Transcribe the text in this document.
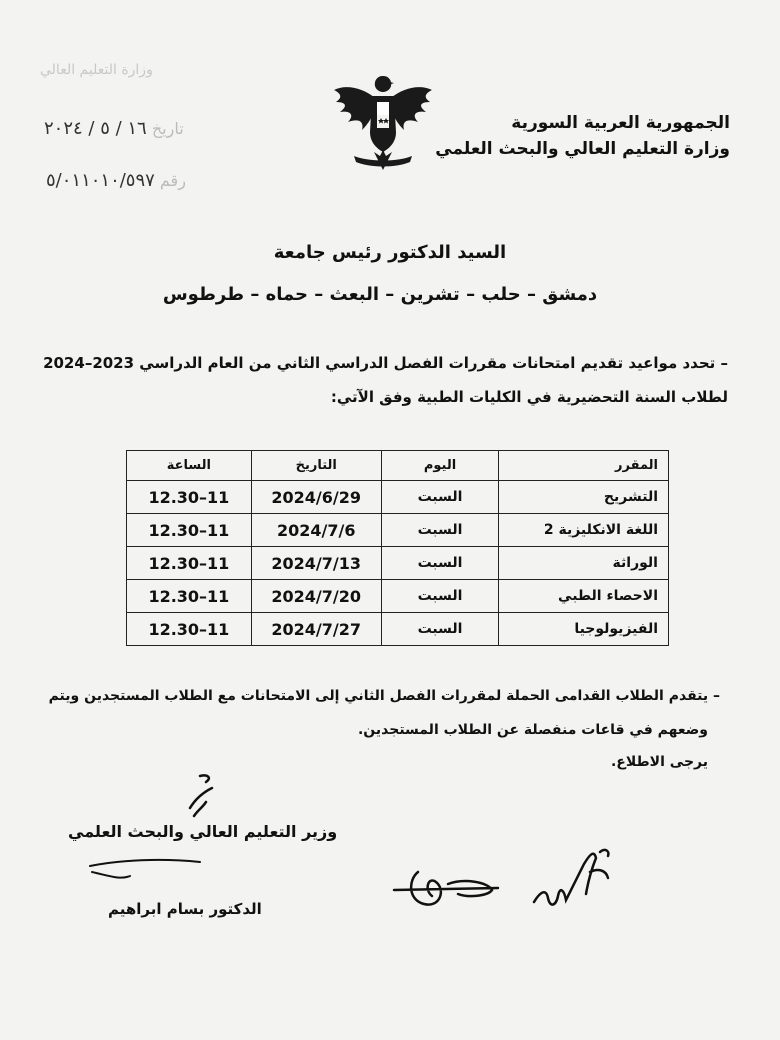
وزارة التعليم العالي
تاريخ ١٦ / ٥ / ٢٠٢٤
رقم ٥/٠١١٠١٠/٥٩٧
الجمهورية العربية السورية
وزارة التعليم العالي والبحث العلمي
السيد الدكتور رئيس جامعة
دمشق – حلب – تشرين – البعث – حماه – طرطوس
– تحدد مواعيد تقديم امتحانات مقررات الفصل الدراسي الثاني من العام الدراسي 2023–2024
لطلاب السنة التحضيرية في الكليات الطبية وفق الآتي:
المقرر	اليوم	التاريخ	الساعة
التشريح	السبت	2024/6/29	12.30–11
اللغة الانكليزية 2	السبت	2024/7/6	12.30–11
الوراثة	السبت	2024/7/13	12.30–11
الاحصاء الطبي	السبت	2024/7/20	12.30–11
الفيزيولوجيا	السبت	2024/7/27	12.30–11
– يتقدم الطلاب القدامى الحملة لمقررات الفصل الثاني إلى الامتحانات مع الطلاب المستجدين ويتم
وضعهم في قاعات منفصلة عن الطلاب المستجدين.
يرجى الاطلاع.
وزير التعليم العالي والبحث العلمي
الدكتور بسام ابراهيم
